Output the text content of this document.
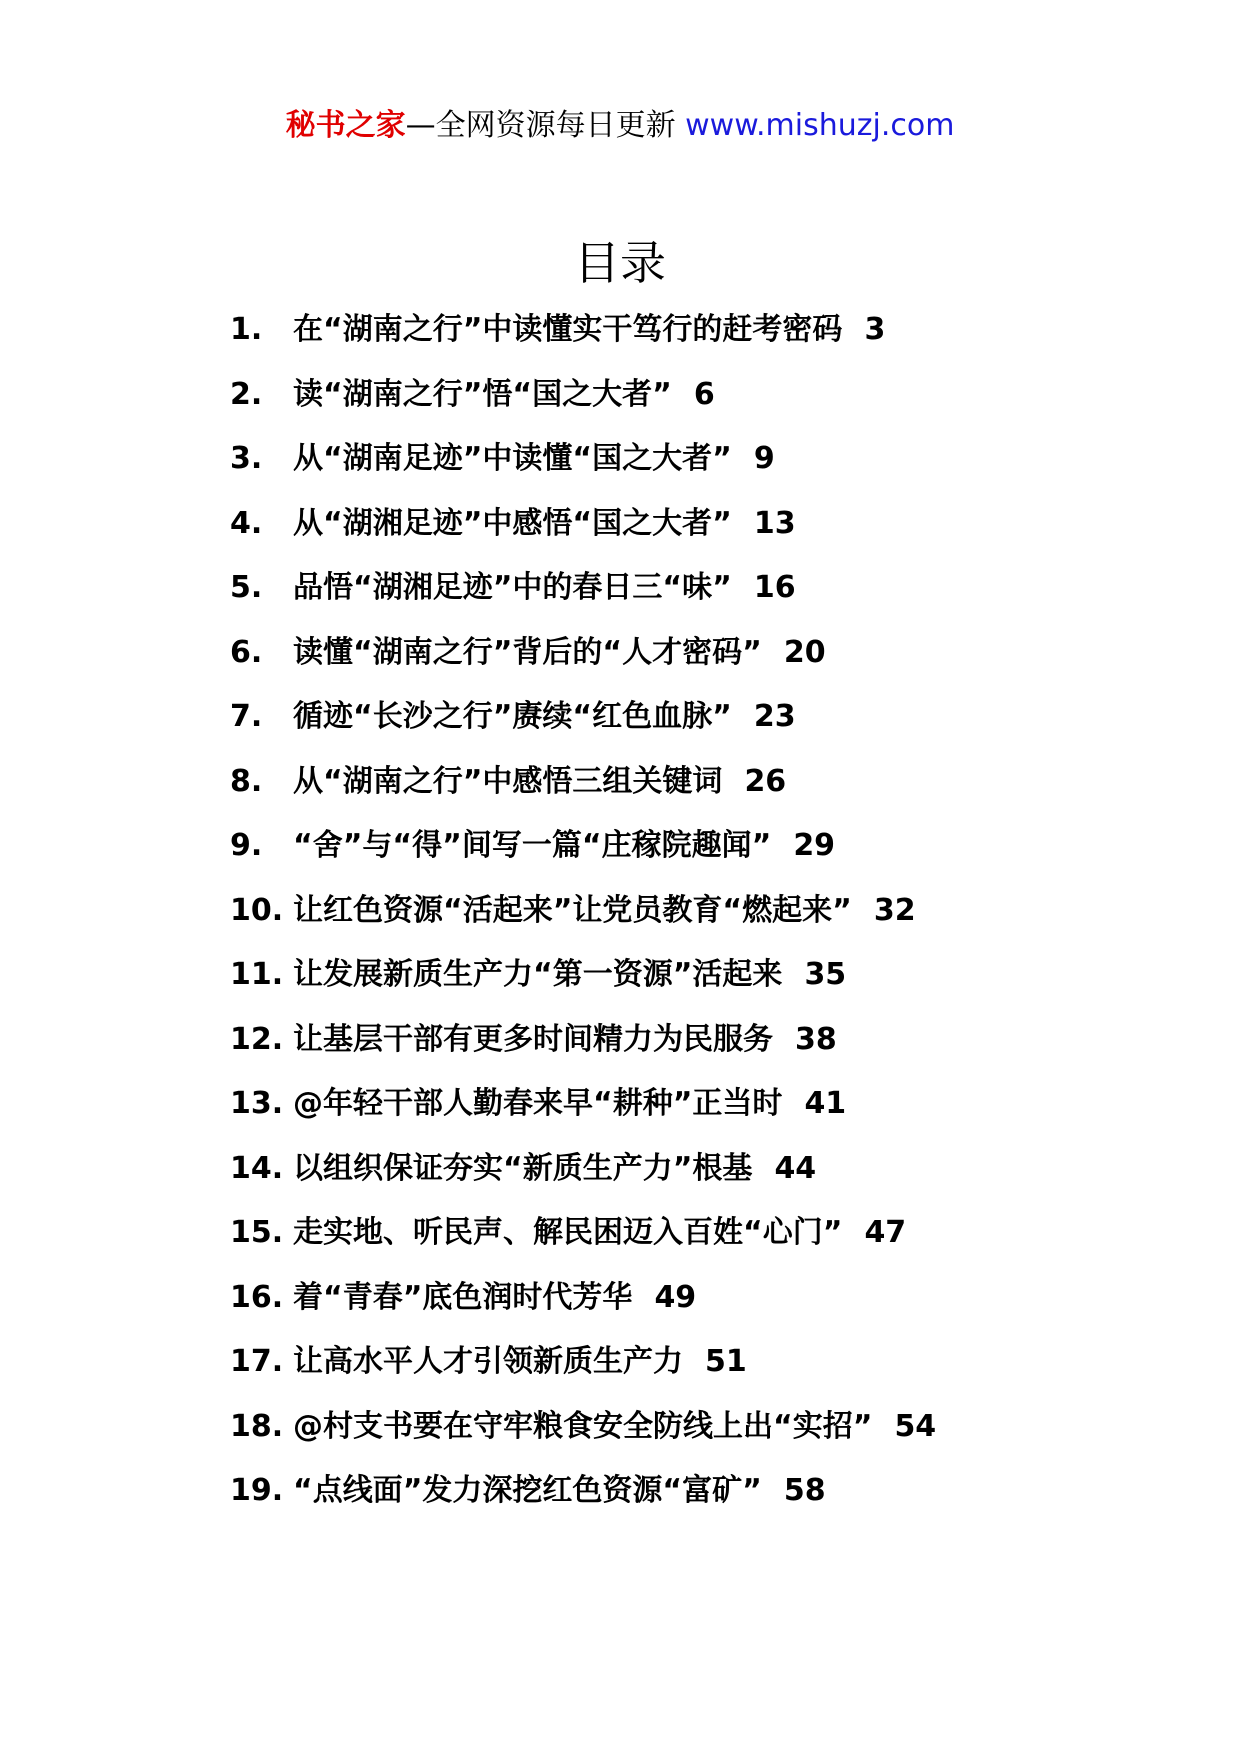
秘书之家—全网资源每日更新 www.mishuzj.com
目录
1.	在“湖南之行”中读懂实干笃行的赶考密码 3
2.	读“湖南之行”悟“国之大者” 6
3.	从“湖南足迹”中读懂“国之大者” 9
4.	从“湖湘足迹”中感悟“国之大者” 13
5.	品悟“湖湘足迹”中的春日三“味” 16
6.	读懂“湖南之行”背后的“人才密码” 20
7.	循迹“长沙之行”赓续“红色血脉” 23
8.	从“湖南之行”中感悟三组关键词 26
9.	“舍”与“得”间写一篇“庄稼院趣闻” 29
10. 让红色资源“活起来”让党员教育“燃起来” 32
11. 让发展新质生产力“第一资源”活起来 35
12. 让基层干部有更多时间精力为民服务 38
13. @年轻干部人勤春来早“耕种”正当时 41
14. 以组织保证夯实“新质生产力”根基 44
15. 走实地、听民声、解民困迈入百姓“心门” 47
16. 着“青春”底色润时代芳华 49
17. 让高水平人才引领新质生产力 51
18. @村支书要在守牢粮食安全防线上出“实招” 54
19. “点线面”发力深挖红色资源“富矿” 58
